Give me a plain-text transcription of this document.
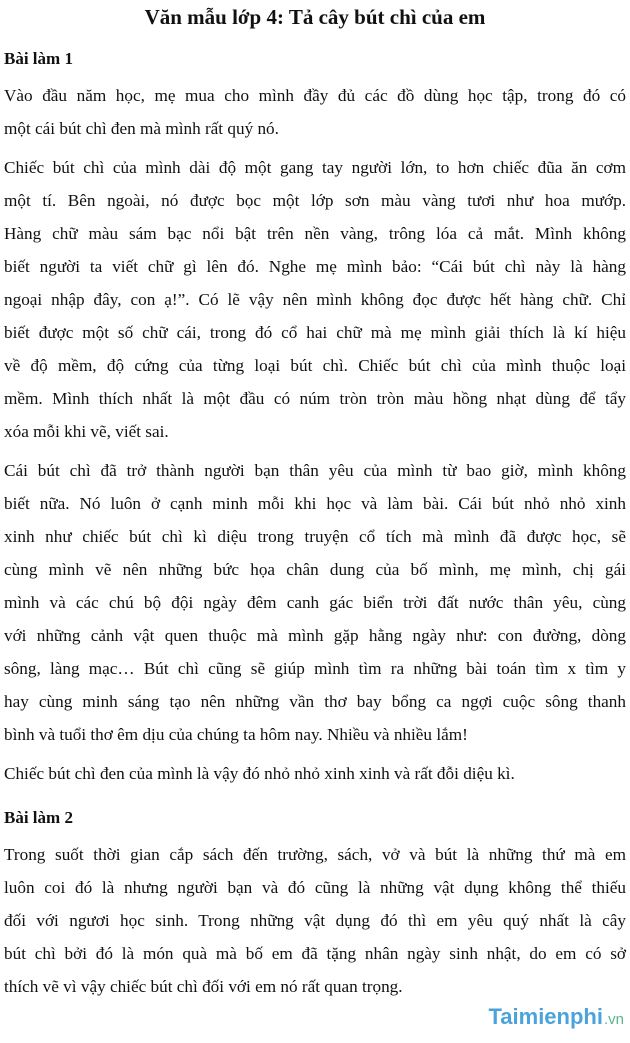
Văn mẫu lớp 4: Tả cây bút chì của em
Bài làm 1
Vào đầu năm học, mẹ mua cho mình đầy đủ các đồ dùng học tập, trong đó có
một cái bút chì đen mà mình rất quý nó.
Chiếc bút chì của mình dài độ một gang tay người lớn, to hơn chiếc đũa ăn cơm
một tí. Bên ngoài, nó được bọc một lớp sơn màu vàng tươi như hoa mướp.
Hàng chữ màu sám bạc nổi bật trên nền vàng, trông lóa cả mắt. Mình không
biết người ta viết chữ gì lên đó. Nghe mẹ mình bảo: “Cái bút chì này là hàng
ngoại nhập đây, con ạ!”. Có lẽ vậy nên mình không đọc được hết hàng chữ. Chỉ
biết được một số chữ cái, trong đó cổ hai chữ mà mẹ mình giải thích là kí hiệu
về độ mềm, độ cứng của từng loại bút chì. Chiếc bút chì của mình thuộc loại
mềm. Mình thích nhất là một đầu có núm tròn tròn màu hồng nhạt dùng để tẩy
xóa mỗi khi vẽ, viết sai.
Cái bút chì đã trở thành người bạn thân yêu của mình từ bao giờ, mình không
biết nữa. Nó luôn ở cạnh minh mỗi khi học và làm bài. Cái bút nhỏ nhỏ xinh
xinh như chiếc bút chì kì diệu trong truyện cổ tích mà mình đã được học, sẽ
cùng mình vẽ nên những bức họa chân dung của bố mình, mẹ mình, chị gái
mình và các chú bộ đội ngày đêm canh gác biển trời đất nước thân yêu, cùng
với những cảnh vật quen thuộc mà mình gặp hằng ngày như: con đường, dòng
sông, làng mạc… Bút chì cũng sẽ giúp mình tìm ra những bài toán tìm x tìm y
hay cùng minh sáng tạo nên những vần thơ bay bổng ca ngợi cuộc sông thanh
bình và tuổi thơ êm dịu của chúng ta hôm nay. Nhiều và nhiều lắm!
Chiếc bút chì đen của mình là vậy đó nhỏ nhỏ xinh xinh và rất đỗi diệu kì.
Bài làm 2
Trong suốt thời gian cắp sách đến trường, sách, vở và bút là những thứ mà em
luôn coi đó là nhưng người bạn và đó cũng là những vật dụng không thể thiếu
đối với ngươi học sinh. Trong những vật dụng đó thì em yêu quý nhất là cây
bút chì bởi đó là món quà mà bố em đã tặng nhân ngày sinh nhật, do em có sở
thích vẽ vì vậy chiếc bút chì đối với em nó rất quan trọng.
Taimienphi.vn
